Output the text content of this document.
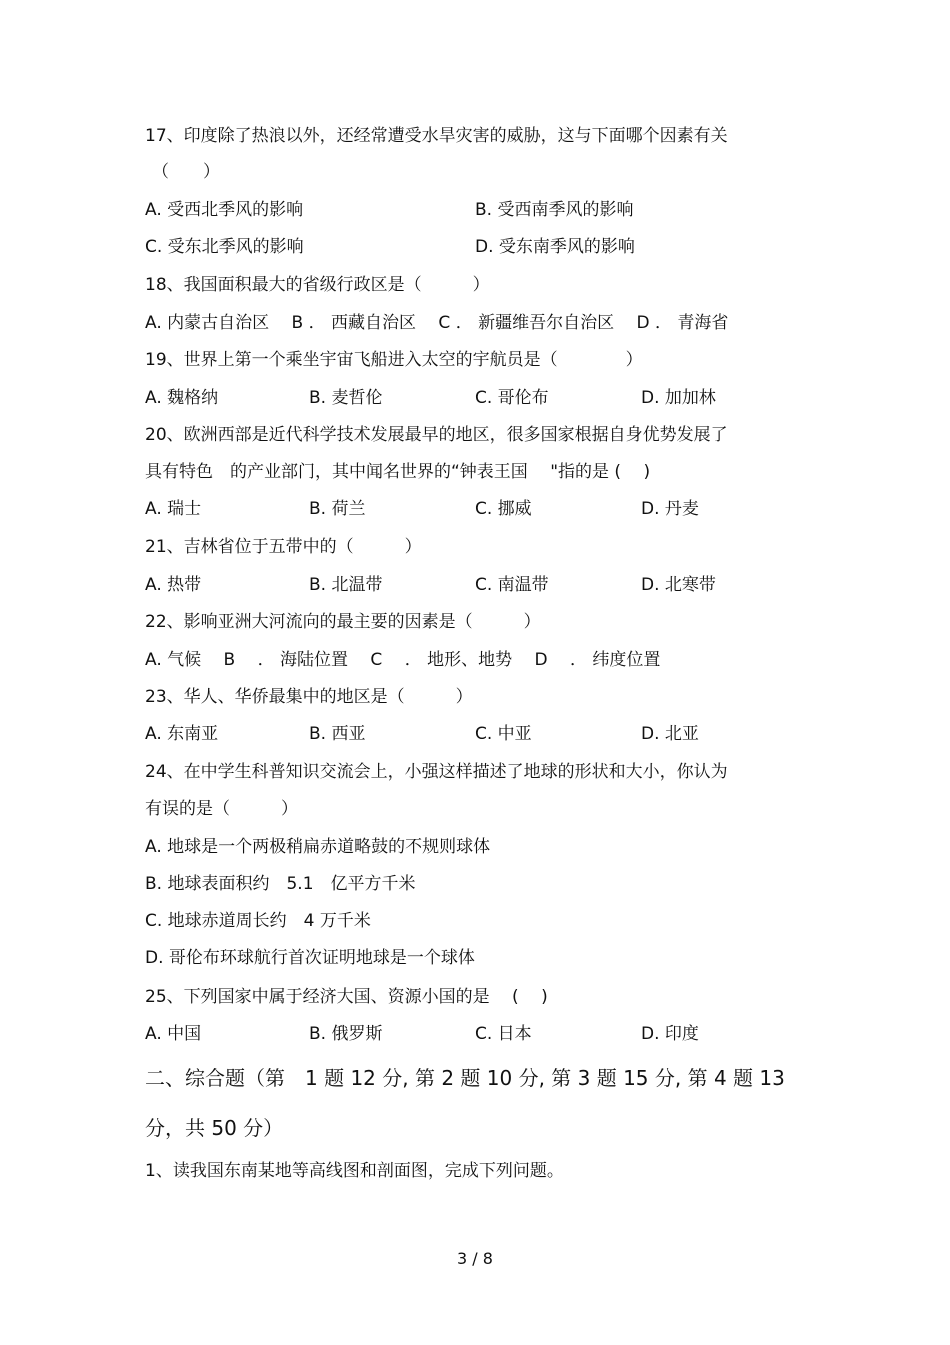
17、印度除了热浪以外，还经常遭受水旱灾害的威胁，这与下面哪个因素有关
（　　）
A. 受西北季风的影响	B. 受西南季风的影响
C. 受东北季风的影响	D. 受东南季风的影响
18、我国面积最大的省级行政区是（　　　）
A. 内蒙古自治区　 B ． 西藏自治区　 C ． 新疆维吾尔自治区　 D ． 青海省
19、世界上第一个乘坐宇宙飞船进入太空的宇航员是（　　　　）
A. 魏格纳	B. 麦哲伦	C. 哥伦布	D. 加加林
20、欧洲西部是近代科学技术发展最早的地区，很多国家根据自身优势发展了
具有特色　的产业部门，其中闻名世界的“钟表王国　 "指的是 (　 )
A. 瑞士	B. 荷兰	C. 挪威	D. 丹麦
21、吉林省位于五带中的（　　　）
A. 热带	B. 北温带	C. 南温带	D. 北寒带
22、影响亚洲大河流向的最主要的因素是（　　　）
A. 气候　 B　 ． 海陆位置　 C　 ． 地形、地势　 D　 ． 纬度位置
23、华人、华侨最集中的地区是（　　　）
A. 东南亚	B. 西亚	C. 中亚	D. 北亚
24、在中学生科普知识交流会上，小强这样描述了地球的形状和大小，你认为
有误的是（　　　）
A. 地球是一个两极稍扁赤道略鼓的不规则球体
B. 地球表面积约　5.1　亿平方千米
C. 地球赤道周长约　4 万千米
D. 哥伦布环球航行首次证明地球是一个球体
25、下列国家中属于经济大国、资源小国的是　 (　 )
A. 中国	B. 俄罗斯	C. 日本	D. 印度
二、综合题（第　1 题 12 分, 第 2 题 10 分, 第 3 题 15 分, 第 4 题 13
分，共 50 分）
1、读我国东南某地等高线图和剖面图，完成下列问题。
3 / 8
